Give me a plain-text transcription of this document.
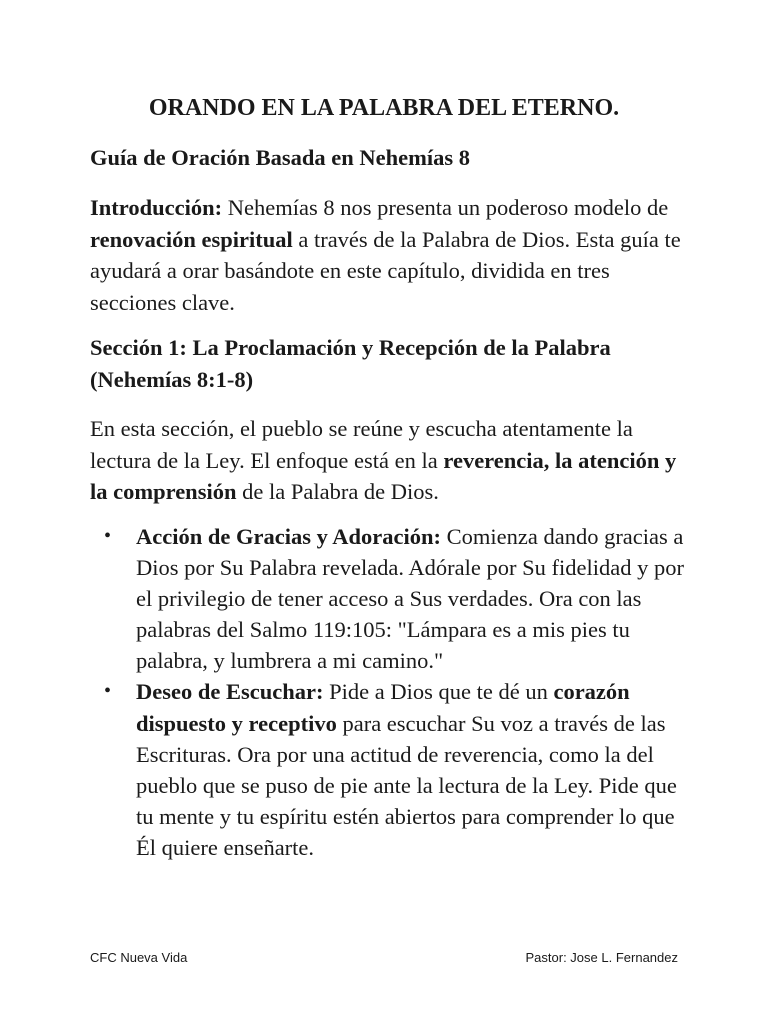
ORANDO EN LA PALABRA DEL ETERNO.
Guía de Oración Basada en Nehemías 8
Introducción: Nehemías 8 nos presenta un poderoso modelo de renovación espiritual a través de la Palabra de Dios. Esta guía te ayudará a orar basándote en este capítulo, dividida en tres secciones clave.
Sección 1: La Proclamación y Recepción de la Palabra (Nehemías 8:1-8)
En esta sección, el pueblo se reúne y escucha atentamente la lectura de la Ley. El enfoque está en la reverencia, la atención y la comprensión de la Palabra de Dios.
• Acción de Gracias y Adoración: Comienza dando gracias a Dios por Su Palabra revelada. Adórale por Su fidelidad y por el privilegio de tener acceso a Sus verdades. Ora con las palabras del Salmo 119:105: "Lámpara es a mis pies tu palabra, y lumbrera a mi camino."
• Deseo de Escuchar: Pide a Dios que te dé un corazón dispuesto y receptivo para escuchar Su voz a través de las Escrituras. Ora por una actitud de reverencia, como la del pueblo que se puso de pie ante la lectura de la Ley. Pide que tu mente y tu espíritu estén abiertos para comprender lo que Él quiere enseñarte.
CFC Nueva Vida	Pastor: Jose L. Fernandez
